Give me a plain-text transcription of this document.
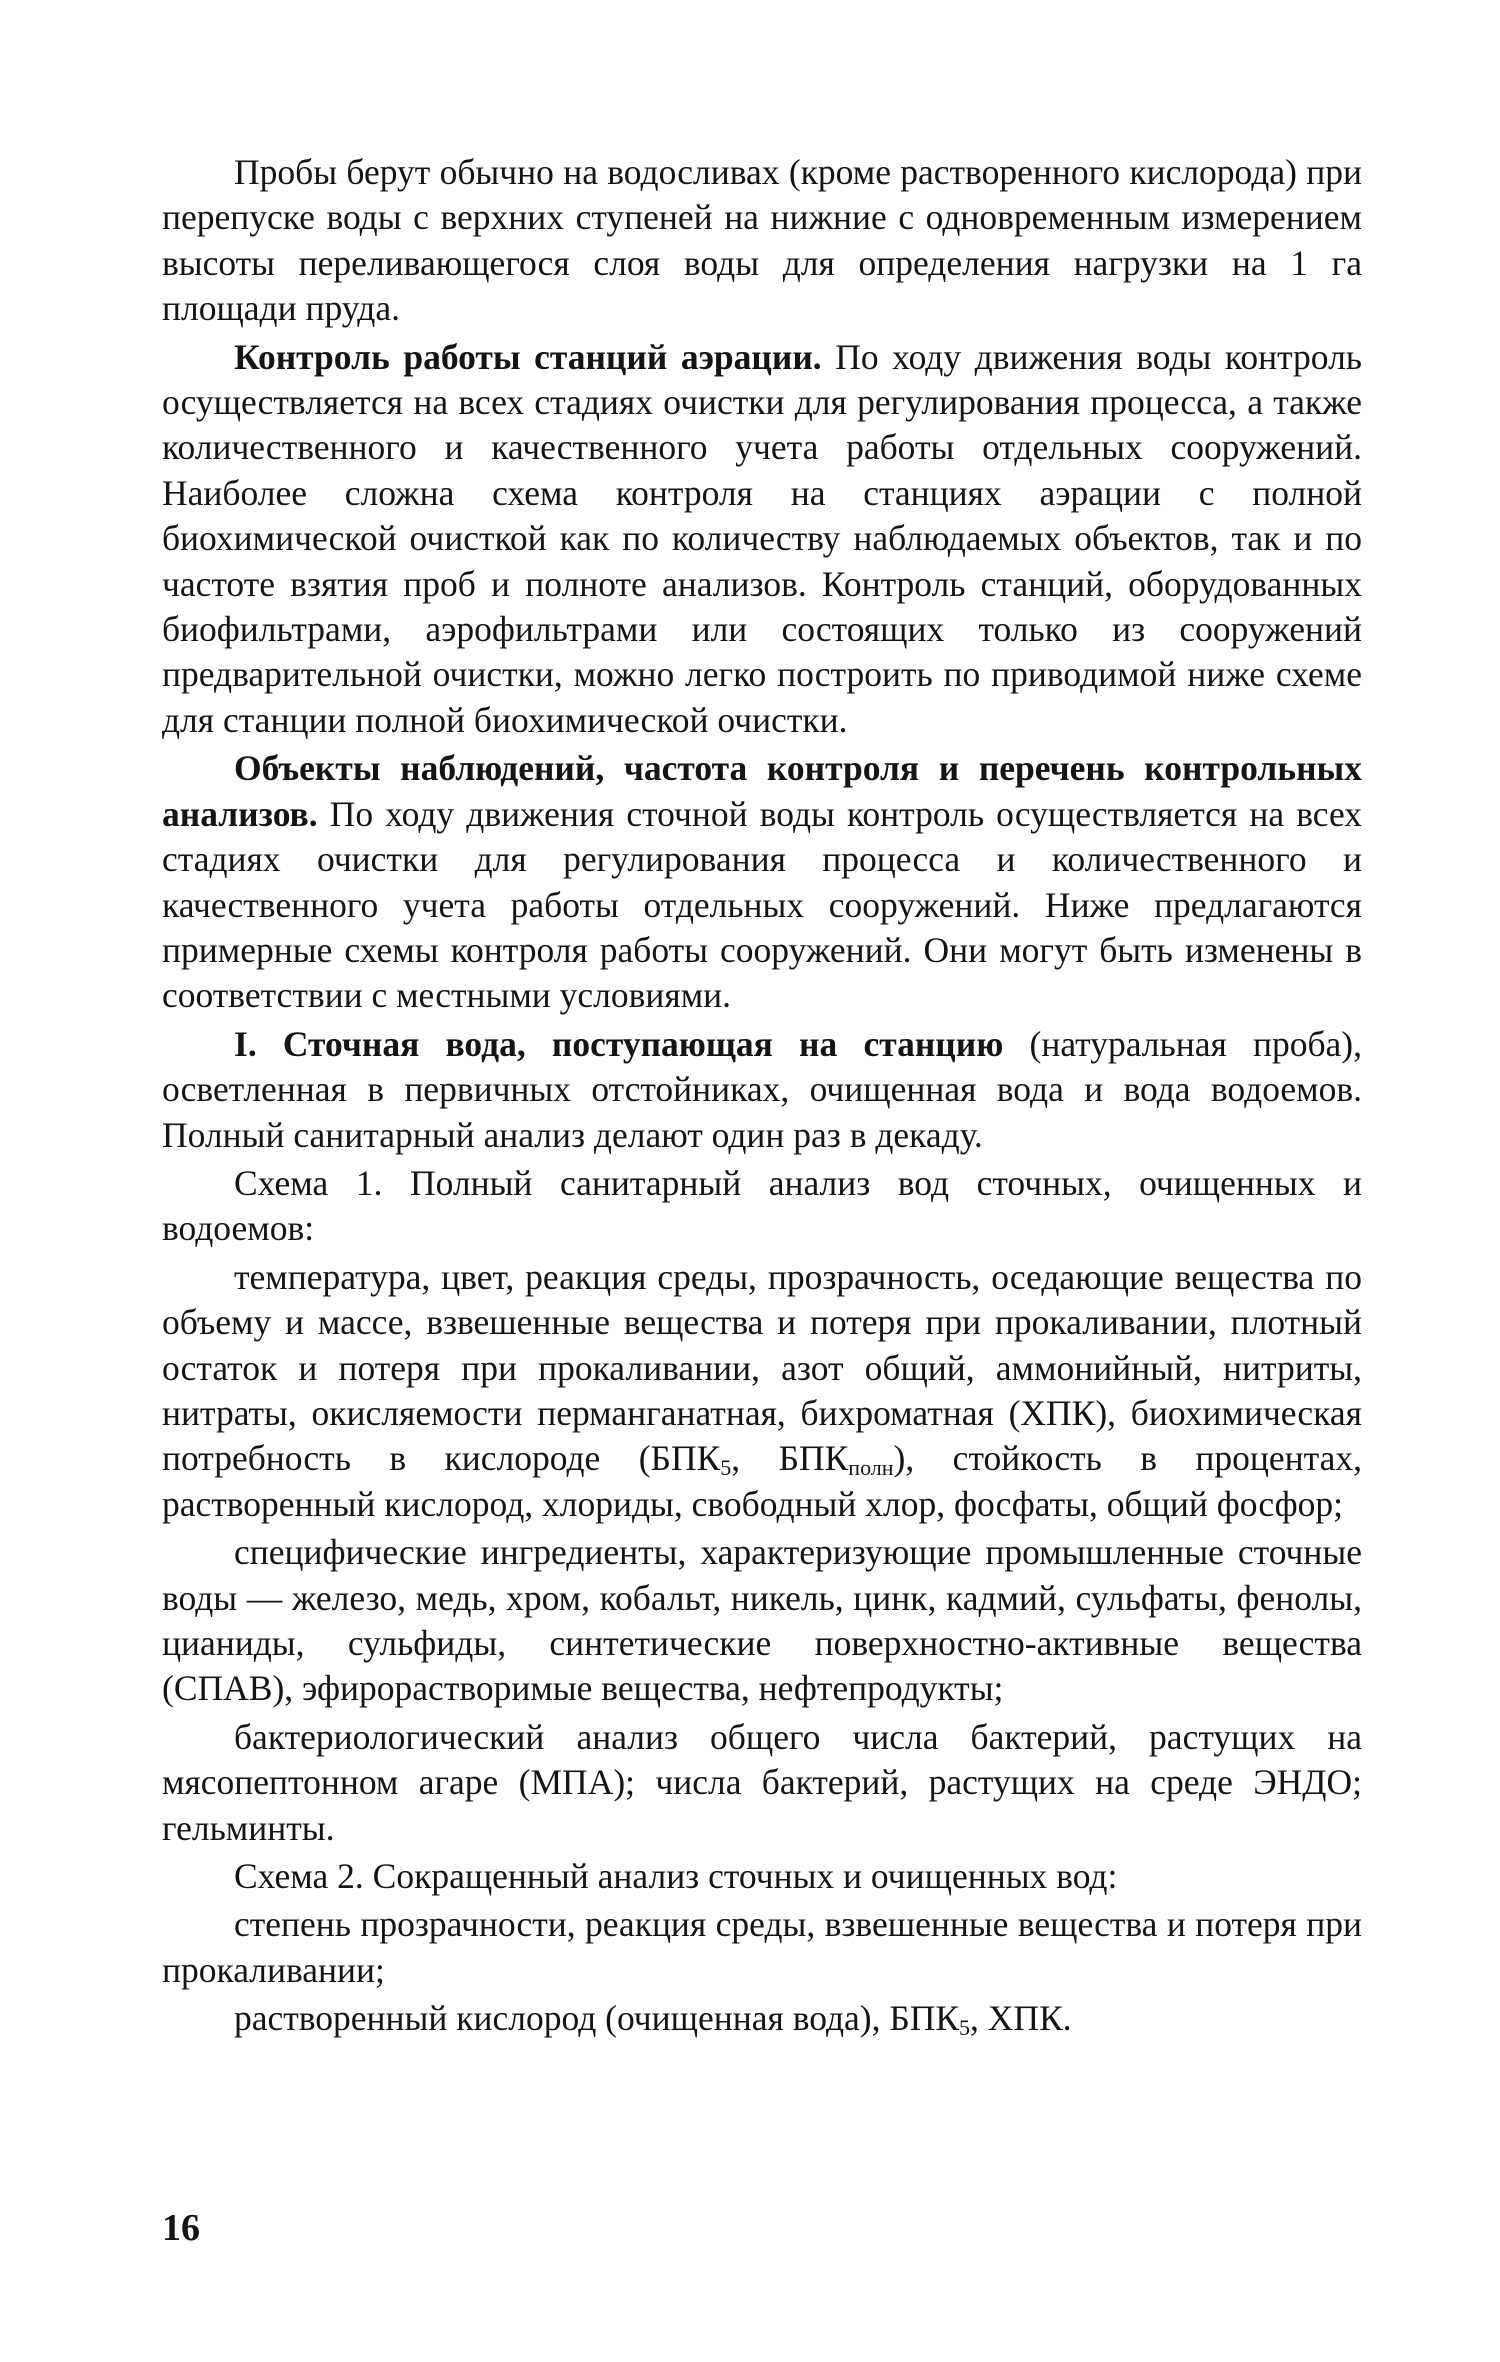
Пробы берут обычно на водосливах (кроме растворенного кислорода) при перепуске воды с верхних ступеней на нижние с одновременным измерением высоты переливающегося слоя воды для определения нагрузки на 1 га площади пруда.

Контроль работы станций аэрации. По ходу движения воды контроль осуществляется на всех стадиях очистки для регулирования процесса, а также количественного и качественного учета работы отдельных сооружений. Наиболее сложна схема контроля на станциях аэрации с полной биохимической очисткой как по количеству наблюдаемых объектов, так и по частоте взятия проб и полноте анализов. Контроль станций, оборудованных биофильтрами, аэрофильтрами или состоящих только из сооружений предварительной очистки, можно легко построить по приводимой ниже схеме для станции полной биохимической очистки.

Объекты наблюдений, частота контроля и перечень контрольных анализов. По ходу движения сточной воды контроль осуществляется на всех стадиях очистки для регулирования процесса и количественного и качественного учета работы отдельных сооружений. Ниже предлагаются примерные схемы контроля работы сооружений. Они могут быть изменены в соответствии с местными условиями.

I. Сточная вода, поступающая на станцию (натуральная проба), осветленная в первичных отстойниках, очищенная вода и вода водоемов. Полный санитарный анализ делают один раз в декаду.

Схема 1. Полный санитарный анализ вод сточных, очищенных и водоемов:

температура, цвет, реакция среды, прозрачность, оседающие вещества по объему и массе, взвешенные вещества и потеря при прокаливании, плотный остаток и потеря при прокаливании, азот общий, аммонийный, нитриты, нитраты, окисляемости перманганатная, бихроматная (ХПК), биохимическая потребность в кислороде ($БПК_5$, $БПК_{полн}$), стойкость в процентах, растворенный кислород, хлориды, свободный хлор, фосфаты, общий фосфор;

специфические ингредиенты, характеризующие промышленные сточные воды — железо, медь, хром, кобальт, никель, цинк, кадмий, сульфаты, фенолы, цианиды, сульфиды, синтетические поверхностно-активные вещества (СПАВ), эфирорастворимые вещества, нефтепродукты;

бактериологический анализ общего числа бактерий, растущих на мясопептонном агаре (МПА); числа бактерий, растущих на среде ЭНДО; гельминты.

Схема 2. Сокращенный анализ сточных и очищенных вод:

степень прозрачности, реакция среды, взвешенные вещества и потеря при прокаливании;

растворенный кислород (очищенная вода), $БПК_5$, ХПК.

16
